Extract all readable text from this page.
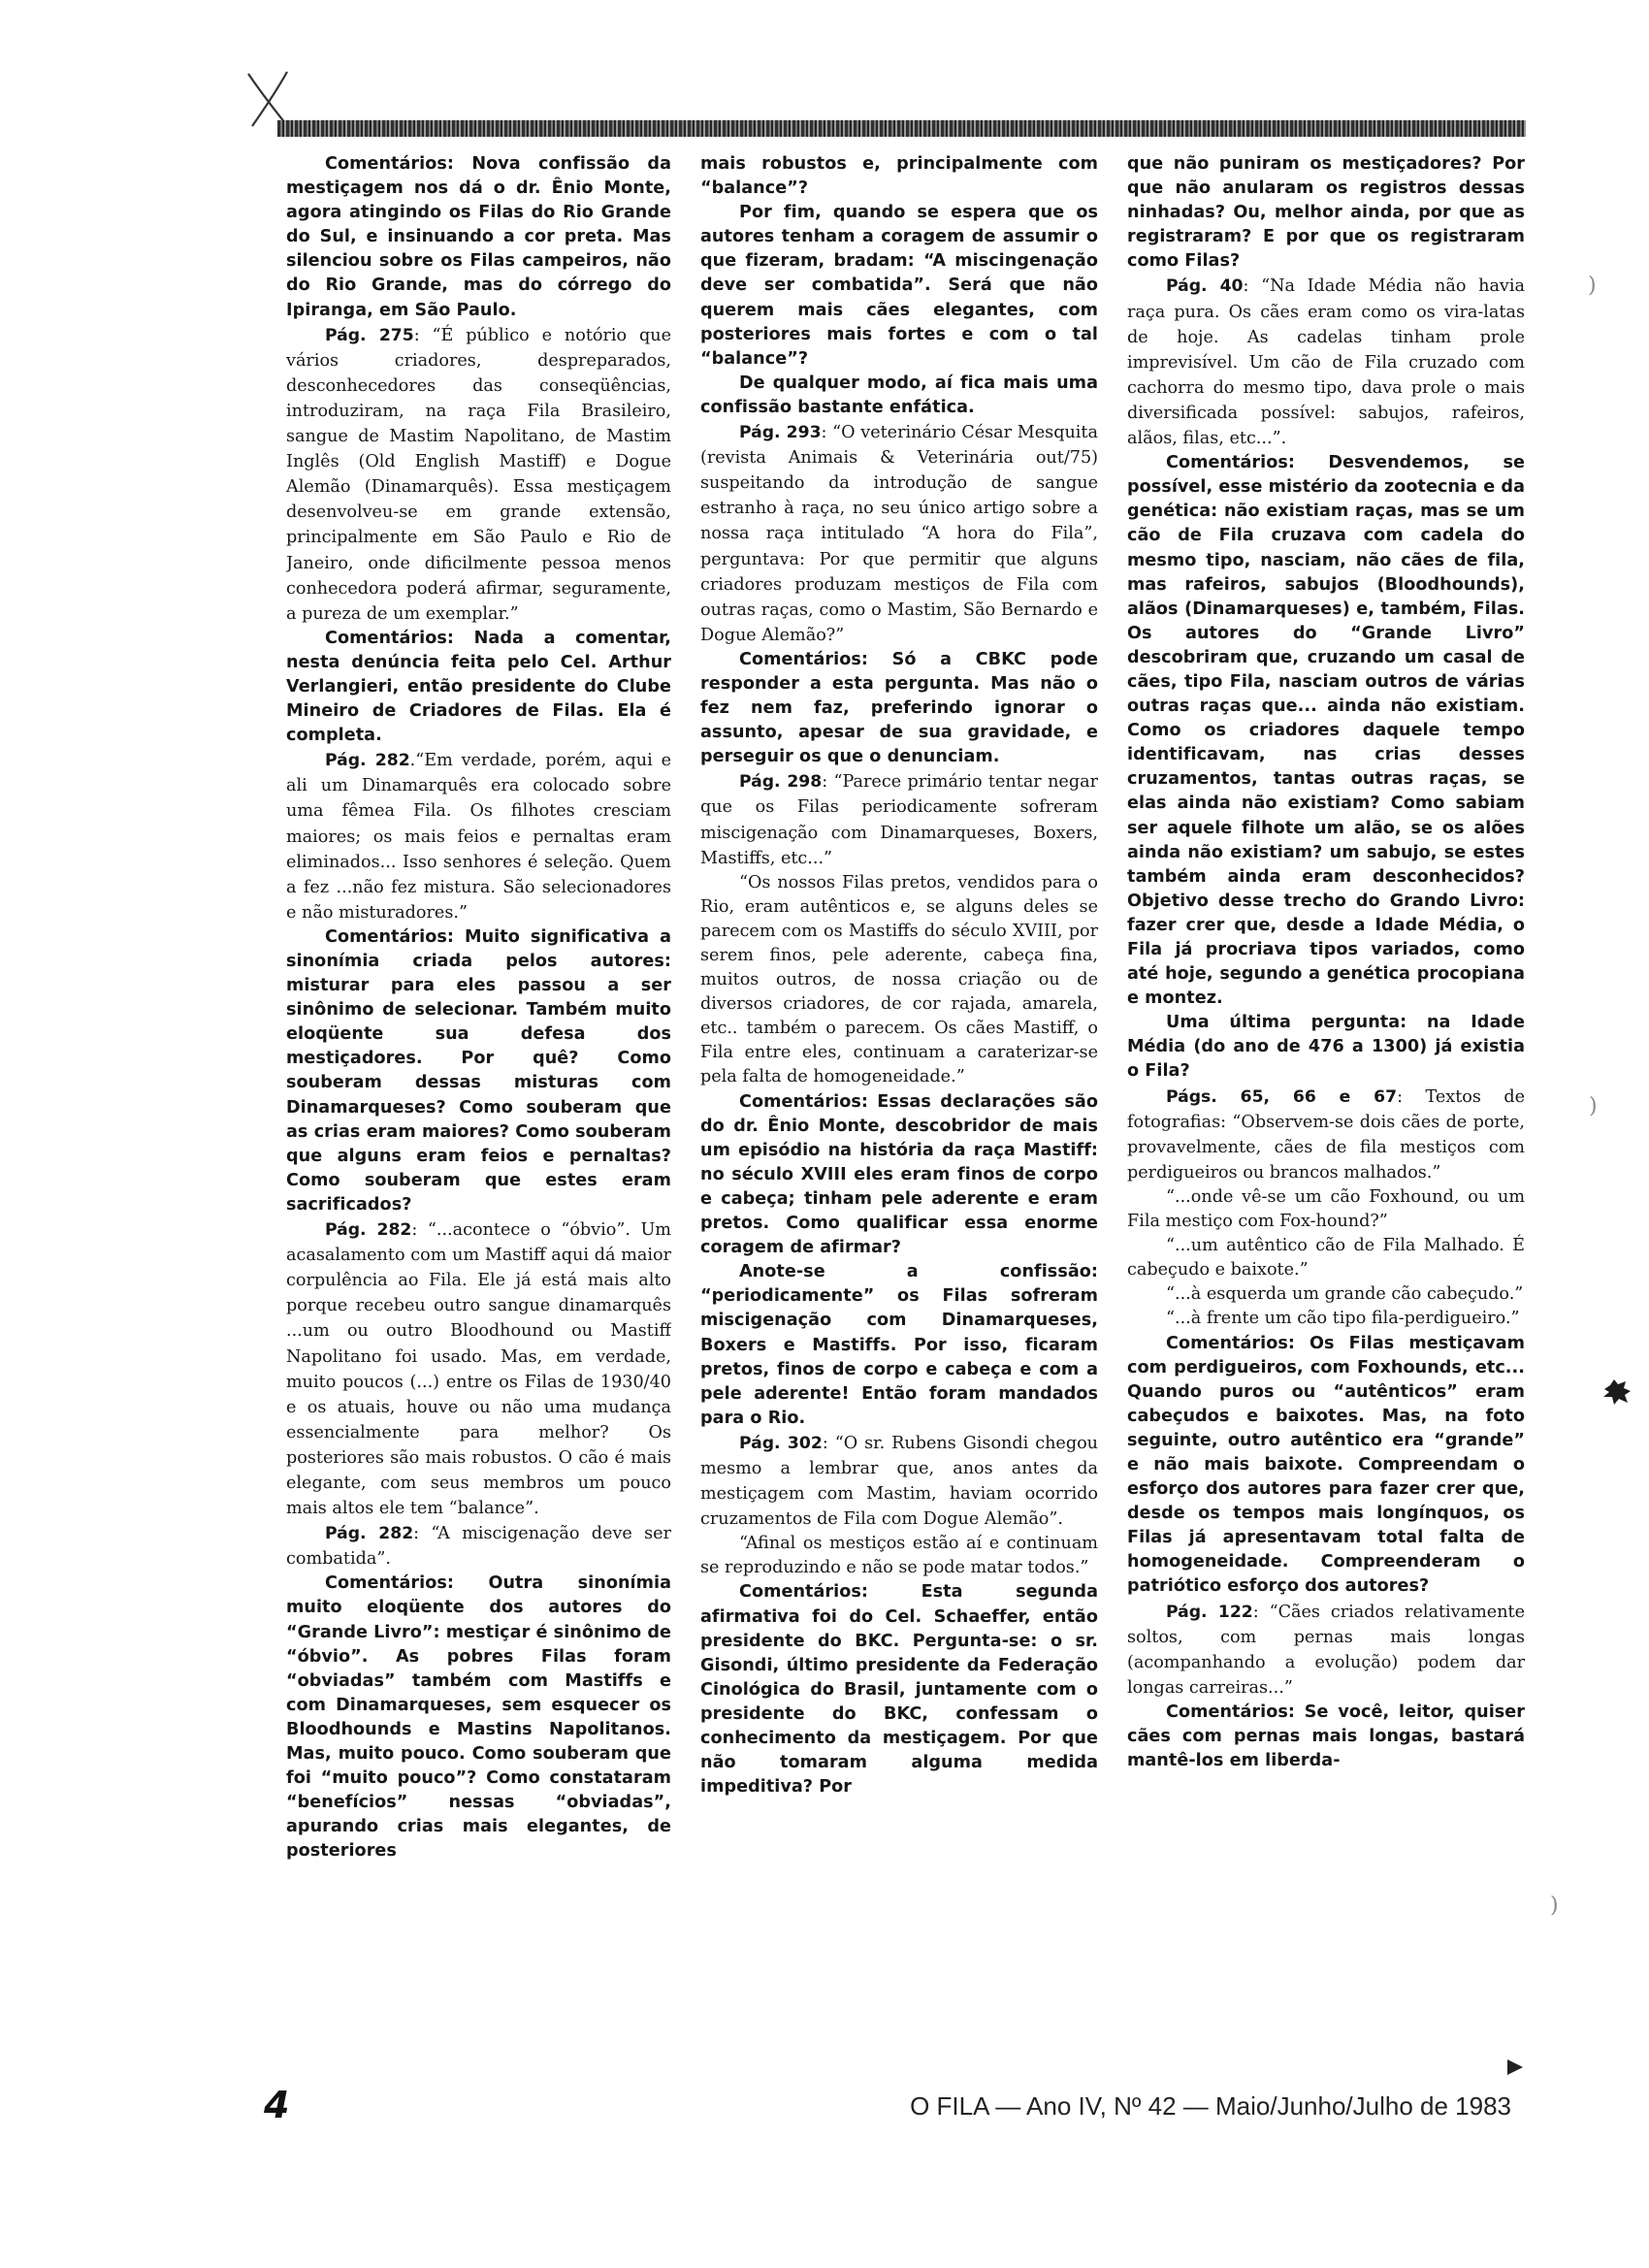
Comentários: Nova confissão da mestiçagem nos dá o dr. Ênio Monte, agora atingindo os Filas do Rio Grande do Sul, e insinuando a cor preta. Mas silenciou sobre os Filas campeiros, não do Rio Grande, mas do córrego do Ipiranga, em São Paulo.

Pág. 275: “É público e notório que vários criadores, despreparados, desconhecedores das conseqüências, introduziram, na raça Fila Brasileiro, sangue de Mastim Napolitano, de Mastim Inglês (Old English Mastiff) e Dogue Alemão (Dinamarquês). Essa mestiçagem desenvolveu-se em grande extensão, principalmente em São Paulo e Rio de Janeiro, onde dificilmente pessoa menos conhecedora poderá afirmar, seguramente, a pureza de um exemplar.”

Comentários: Nada a comentar, nesta denúncia feita pelo Cel. Arthur Verlangieri, então presidente do Clube Mineiro de Criadores de Filas. Ela é completa.

Pág. 282.“Em verdade, porém, aqui e ali um Dinamarquês era colocado sobre uma fêmea Fila. Os filhotes cresciam maiores; os mais feios e pernaltas eram eliminados... Isso senhores é seleção. Quem a fez ...não fez mistura. São selecionadores e não misturadores.”

Comentários: Muito significativa a sinonímia criada pelos autores: misturar para eles passou a ser sinônimo de selecionar. Também muito eloqüente sua defesa dos mestiçadores. Por quê? Como souberam dessas misturas com Dinamarqueses? Como souberam que as crias eram maiores? Como souberam que alguns eram feios e pernaltas? Como souberam que estes eram sacrificados?

Pág. 282: “...acontece o “óbvio”. Um acasalamento com um Mastiff aqui dá maior corpulência ao Fila. Ele já está mais alto porque recebeu outro sangue dinamarquês ...um ou outro Bloodhound ou Mastiff Napolitano foi usado. Mas, em verdade, muito poucos (...) entre os Filas de 1930/40 e os atuais, houve ou não uma mudança essencialmente para melhor? Os posteriores são mais robustos. O cão é mais elegante, com seus membros um pouco mais altos ele tem “balance”.

Pág. 282: “A miscigenação deve ser combatida”.

Comentários: Outra sinonímia muito eloqüente dos autores do “Grande Livro”: mestiçar é sinônimo de “óbvio”. As pobres Filas foram “obviadas” também com Mastiffs e com Dinamarqueses, sem esquecer os Bloodhounds e Mastins Napolitanos. Mas, muito pouco. Como souberam que foi “muito pouco”? Como constataram “benefícios” nessas “obviadas”, apurando crias mais elegantes, de posteriores

mais robustos e, principalmente com “balance”?

Por fim, quando se espera que os autores tenham a coragem de assumir o que fizeram, bradam: “A miscingenação deve ser combatida”. Será que não querem mais cães elegantes, com posteriores mais fortes e com o tal “balance”?

De qualquer modo, aí fica mais uma confissão bastante enfática.

Pág. 293: “O veterinário César Mesquita (revista Animais & Veterinária out/75) suspeitando da introdução de sangue estranho à raça, no seu único artigo sobre a nossa raça intitulado “A hora do Fila”, perguntava: Por que permitir que alguns criadores produzam mestiços de Fila com outras raças, como o Mastim, São Bernardo e Dogue Alemão?”

Comentários: Só a CBKC pode responder a esta pergunta. Mas não o fez nem faz, preferindo ignorar o assunto, apesar de sua gravidade, e perseguir os que o denunciam.

Pág. 298: “Parece primário tentar negar que os Filas periodicamente sofreram miscigenação com Dinamarqueses, Boxers, Mastiffs, etc...”

“Os nossos Filas pretos, vendidos para o Rio, eram autênticos e, se alguns deles se parecem com os Mastiffs do século XVIII, por serem finos, pele aderente, cabeça fina, muitos outros, de nossa criação ou de diversos criadores, de cor rajada, amarela, etc.. também o parecem. Os cães Mastiff, o Fila entre eles, continuam a caraterizar-se pela falta de homogeneidade.”

Comentários: Essas declarações são do dr. Ênio Monte, descobridor de mais um episódio na história da raça Mastiff: no século XVIII eles eram finos de corpo e cabeça; tinham pele aderente e eram pretos. Como qualificar essa enorme coragem de afirmar?

Anote-se a confissão: “periodicamente” os Filas sofreram miscigenação com Dinamarqueses, Boxers e Mastiffs. Por isso, ficaram pretos, finos de corpo e cabeça e com a pele aderente! Então foram mandados para o Rio.

Pág. 302: “O sr. Rubens Gisondi chegou mesmo a lembrar que, anos antes da mestiçagem com Mastim, haviam ocorrido cruzamentos de Fila com Dogue Alemão”.

“Afinal os mestiços estão aí e continuam se reproduzindo e não se pode matar todos.”

Comentários: Esta segunda afirmativa foi do Cel. Schaeffer, então presidente do BKC. Pergunta-se: o sr. Gisondi, último presidente da Federação Cinológica do Brasil, juntamente com o presidente do BKC, confessam o conhecimento da mestiçagem. Por que não tomaram alguma medida impeditiva? Por

que não puniram os mestiçadores? Por que não anularam os registros dessas ninhadas? Ou, melhor ainda, por que as registraram? E por que os registraram como Filas?

Pág. 40: “Na Idade Média não havia raça pura. Os cães eram como os vira-latas de hoje. As cadelas tinham prole imprevisível. Um cão de Fila cruzado com cachorra do mesmo tipo, dava prole o mais diversificada possível: sabujos, rafeiros, alãos, filas, etc...”.

Comentários: Desvendemos, se possível, esse mistério da zootecnia e da genética: não existiam raças, mas se um cão de Fila cruzava com cadela do mesmo tipo, nasciam, não cães de fila, mas rafeiros, sabujos (Bloodhounds), alãos (Dinamarqueses) e, também, Filas. Os autores do “Grande Livro” descobriram que, cruzando um casal de cães, tipo Fila, nasciam outros de várias outras raças que... ainda não existiam. Como os criadores daquele tempo identificavam, nas crias desses cruzamentos, tantas outras raças, se elas ainda não existiam? Como sabiam ser aquele filhote um alão, se os alões ainda não existiam? um sabujo, se estes também ainda eram desconhecidos? Objetivo desse trecho do Grando Livro: fazer crer que, desde a Idade Média, o Fila já procriava tipos variados, como até hoje, segundo a genética procopiana e montez.

Uma última pergunta: na Idade Média (do ano de 476 a 1300) já existia o Fila?

Págs. 65, 66 e 67: Textos de fotografias: “Observem-se dois cães de porte, provavelmente, cães de fila mestiços com perdigueiros ou brancos malhados.”

“...onde vê-se um cão Foxhound, ou um Fila mestiço com Fox-hound?”

“...um autêntico cão de Fila Malhado. É cabeçudo e baixote.”

“...à esquerda um grande cão cabeçudo.”

“...à frente um cão tipo fila-perdigueiro.”

Comentários: Os Filas mestiçavam com perdigueiros, com Foxhounds, etc... Quando puros ou “autênticos” eram cabeçudos e baixotes. Mas, na foto seguinte, outro autêntico era “grande” e não mais baixote. Compreendam o esforço dos autores para fazer crer que, desde os tempos mais longínquos, os Filas já apresentavam total falta de homogeneidade. Compreenderam o patriótico esforço dos autores?

Pág. 122: “Cães criados relativamente soltos, com pernas mais longas (acompanhando a evolução) podem dar longas carreiras...”

Comentários: Se você, leitor, quiser cães com pernas mais longas, bastará mantê-los em liberda-

4	O FILA — Ano IV, Nº 42 — Maio/Junho/Julho de 1983
)
)
)
